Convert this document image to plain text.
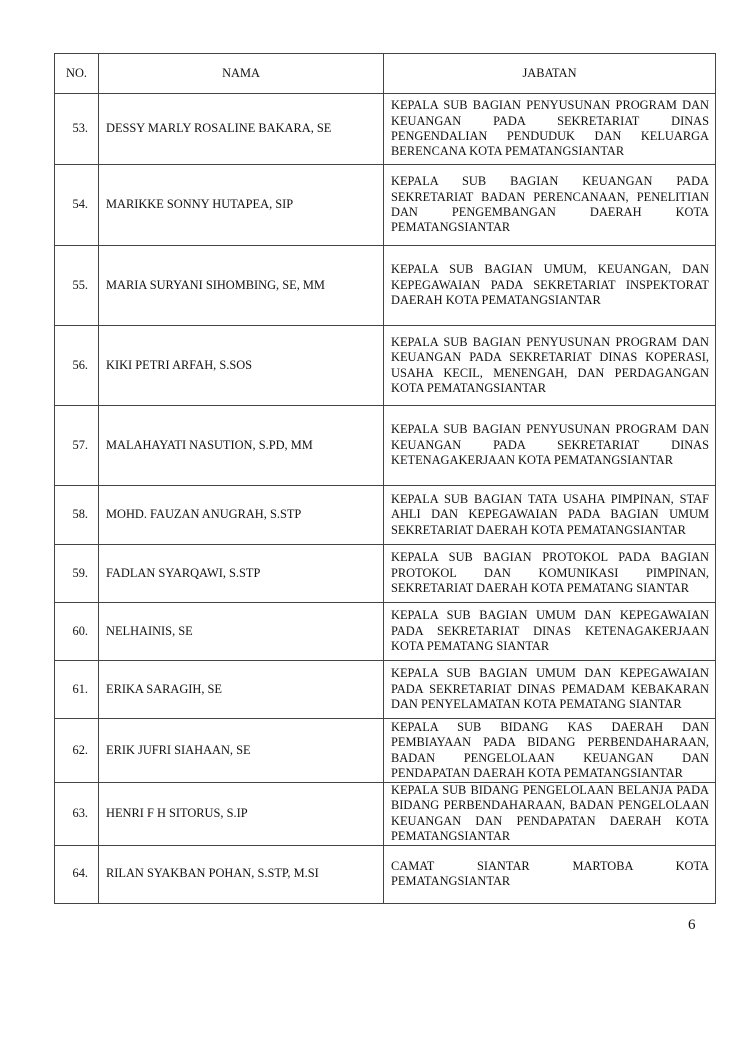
NO.	NAMA	JABATAN
53.	DESSY MARLY ROSALINE BAKARA, SE	KEPALA SUB BAGIAN PENYUSUNAN PROGRAM DAN KEUANGAN PADA SEKRETARIAT DINAS PENGENDALIAN PENDUDUK DAN KELUARGA BERENCANA KOTA PEMATANGSIANTAR
54.	MARIKKE SONNY HUTAPEA, SIP	KEPALA SUB BAGIAN KEUANGAN PADA SEKRETARIAT BADAN PERENCANAAN, PENELITIAN DAN PENGEMBANGAN DAERAH KOTA PEMATANGSIANTAR
55.	MARIA SURYANI SIHOMBING, SE, MM	KEPALA SUB BAGIAN UMUM, KEUANGAN, DAN KEPEGAWAIAN PADA SEKRETARIAT INSPEKTORAT DAERAH KOTA PEMATANGSIANTAR
56.	KIKI PETRI ARFAH, S.SOS	KEPALA SUB BAGIAN PENYUSUNAN PROGRAM DAN KEUANGAN PADA SEKRETARIAT DINAS KOPERASI, USAHA KECIL, MENENGAH, DAN PERDAGANGAN KOTA PEMATANGSIANTAR
57.	MALAHAYATI NASUTION, S.PD, MM	KEPALA SUB BAGIAN PENYUSUNAN PROGRAM DAN KEUANGAN PADA SEKRETARIAT DINAS KETENAGAKERJAAN KOTA PEMATANGSIANTAR
58.	MOHD. FAUZAN ANUGRAH, S.STP	KEPALA SUB BAGIAN TATA USAHA PIMPINAN, STAF AHLI DAN KEPEGAWAIAN PADA BAGIAN UMUM SEKRETARIAT DAERAH KOTA PEMATANGSIANTAR
59.	FADLAN SYARQAWI, S.STP	KEPALA SUB BAGIAN PROTOKOL PADA BAGIAN PROTOKOL DAN KOMUNIKASI PIMPINAN, SEKRETARIAT DAERAH KOTA PEMATANG SIANTAR
60.	NELHAINIS, SE	KEPALA SUB BAGIAN UMUM DAN KEPEGAWAIAN PADA SEKRETARIAT DINAS KETENAGAKERJAAN KOTA PEMATANG SIANTAR
61.	ERIKA SARAGIH, SE	KEPALA SUB BAGIAN UMUM DAN KEPEGAWAIAN PADA SEKRETARIAT DINAS PEMADAM KEBAKARAN DAN PENYELAMATAN KOTA PEMATANG SIANTAR
62.	ERIK JUFRI SIAHAAN, SE	KEPALA SUB BIDANG KAS DAERAH DAN PEMBIAYAAN PADA BIDANG PERBENDAHARAAN, BADAN PENGELOLAAN KEUANGAN DAN PENDAPATAN DAERAH KOTA PEMATANGSIANTAR
63.	HENRI F H SITORUS, S.IP	KEPALA SUB BIDANG PENGELOLAAN BELANJA PADA BIDANG PERBENDAHARAAN, BADAN PENGELOLAAN KEUANGAN DAN PENDAPATAN DAERAH KOTA PEMATANGSIANTAR
64.	RILAN SYAKBAN POHAN, S.STP, M.SI	CAMAT SIANTAR MARTOBA KOTA PEMATANGSIANTAR
6
